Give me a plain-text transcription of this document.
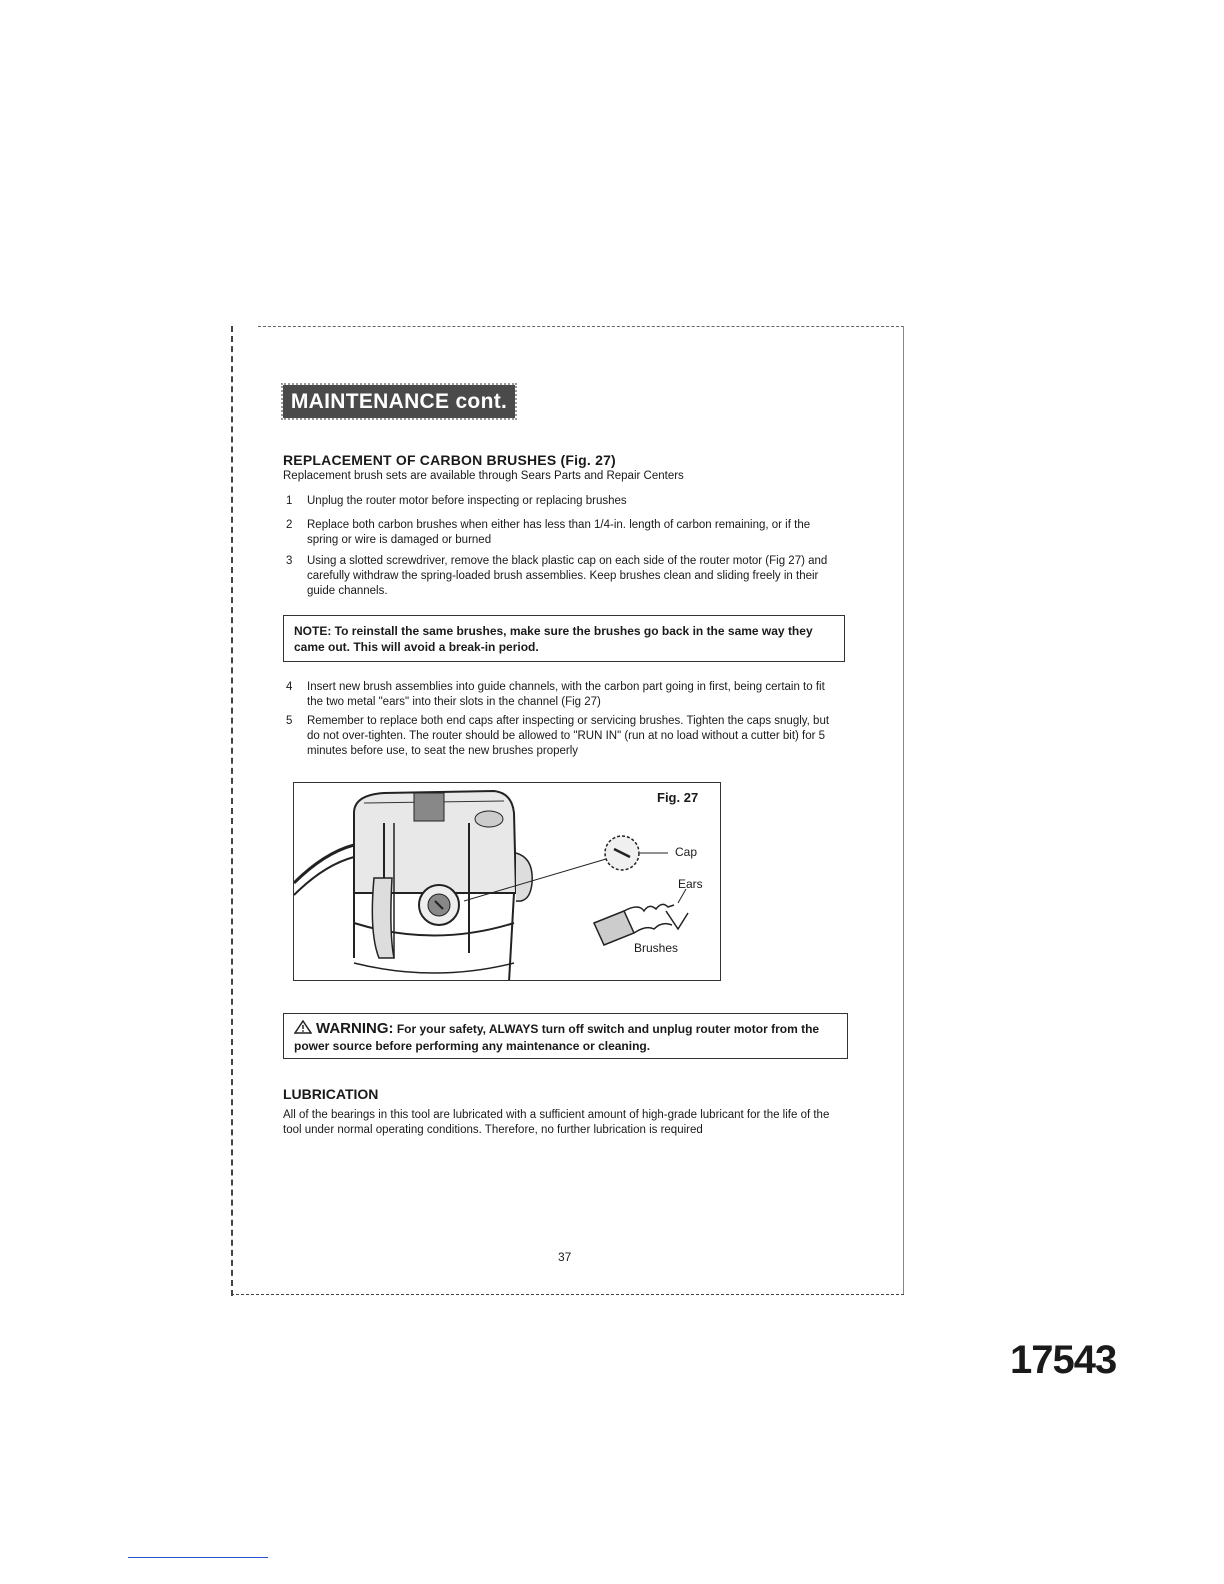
MAINTENANCE cont.
REPLACEMENT OF CARBON BRUSHES (Fig. 27)
Replacement brush sets are available through Sears Parts and Repair Centers
1	Unplug the router motor before inspecting or replacing brushes
2	Replace both carbon brushes when either has less than 1/4-in. length of carbon remaining, or if the spring or wire is damaged or burned
3	Using a slotted screwdriver, remove the black plastic cap on each side of the router motor (Fig 27) and carefully withdraw the spring-loaded brush assemblies. Keep brushes clean and sliding freely in their guide channels.
NOTE: To reinstall the same brushes, make sure the brushes go back in the same way they came out. This will avoid a break-in period.
4	Insert new brush assemblies into guide channels, with the carbon part going in first, being certain to fit the two metal "ears" into their slots in the channel (Fig 27)
5	Remember to replace both end caps after inspecting or servicing brushes. Tighten the caps snugly, but do not over-tighten. The router should be allowed to "RUN IN" (run at no load without a cutter bit) for 5 minutes before use, to seat the new brushes properly
Fig. 27
Cap
Ears
Brushes
WARNING: For your safety, ALWAYS turn off switch and unplug router motor from the power source before performing any maintenance or cleaning.
LUBRICATION
All of the bearings in this tool are lubricated with a sufficient amount of high-grade lubricant for the life of the tool under normal operating conditions. Therefore, no further lubrication is required
37
17543
